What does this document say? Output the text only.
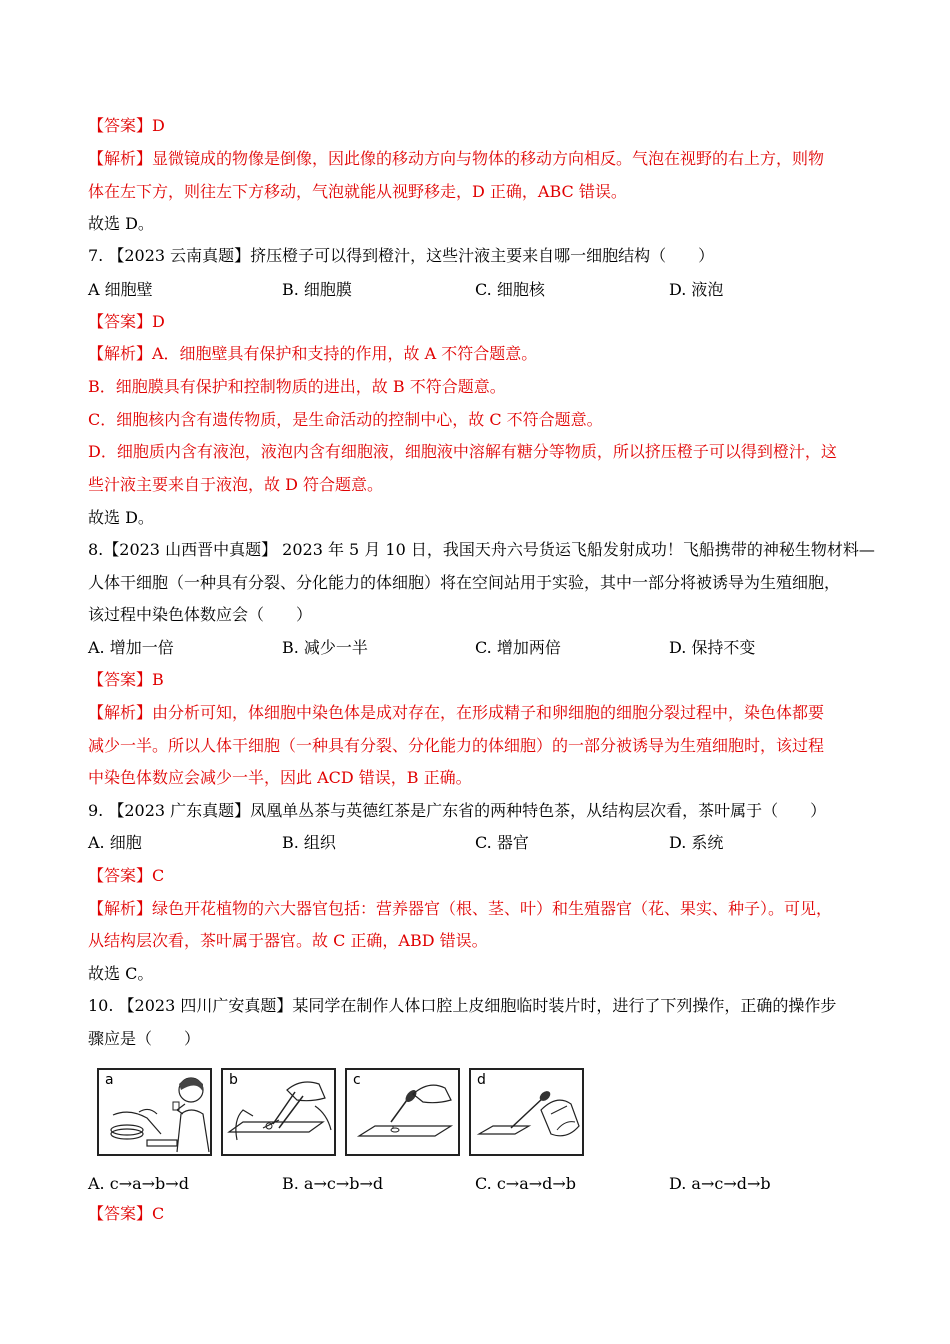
【答案】D
【解析】显微镜成的物像是倒像，因此像的移动方向与物体的移动方向相反。气泡在视野的右上方，则物
体在左下方，则往左下方移动，气泡就能从视野移走，D 正确，ABC 错误。
故选 D。
7. 【2023 云南真题】挤压橙子可以得到橙汁，这些汁液主要来自哪一细胞结构（　　）
A 细胞壁	B. 细胞膜	C. 细胞核	D. 液泡
【答案】D
【解析】A．细胞壁具有保护和支持的作用，故 A 不符合题意。
B．细胞膜具有保护和控制物质的进出，故 B 不符合题意。
C．细胞核内含有遗传物质，是生命活动的控制中心，故 C 不符合题意。
D．细胞质内含有液泡，液泡内含有细胞液，细胞液中溶解有糖分等物质，所以挤压橙子可以得到橙汁，这
些汁液主要来自于液泡，故 D 符合题意。
故选 D。
8.【2023 山西晋中真题】 2023 年 5 月 10 日，我国天舟六号货运飞船发射成功！飞船携带的神秘生物材料—
人体干细胞（一种具有分裂、分化能力的体细胞）将在空间站用于实验，其中一部分将被诱导为生殖细胞，
该过程中染色体数应会（　　）
A. 增加一倍	B. 减少一半	C. 增加两倍	D. 保持不变
【答案】B
【解析】由分析可知，体细胞中染色体是成对存在，在形成精子和卵细胞的细胞分裂过程中，染色体都要
减少一半。所以人体干细胞（一种具有分裂、分化能力的体细胞）的一部分被诱导为生殖细胞时，该过程
中染色体数应会减少一半，因此 ACD 错误，B 正确。
9. 【2023 广东真题】凤凰单丛茶与英德红茶是广东省的两种特色茶，从结构层次看，茶叶属于（　　）
A. 细胞	B. 组织	C. 器官	D. 系统
【答案】C
【解析】绿色开花植物的六大器官包括：营养器官（根、茎、叶）和生殖器官（花、果实、种子）。可见，
从结构层次看，茶叶属于器官。故 C 正确，ABD 错误。
故选 C。
10. 【2023 四川广安真题】某同学在制作人体口腔上皮细胞临时装片时，进行了下列操作，正确的操作步
骤应是（　　）
a	b	c	d
A. c→a→b→d	B. a→c→b→d	C. c→a→d→b	D. a→c→d→b
【答案】C
